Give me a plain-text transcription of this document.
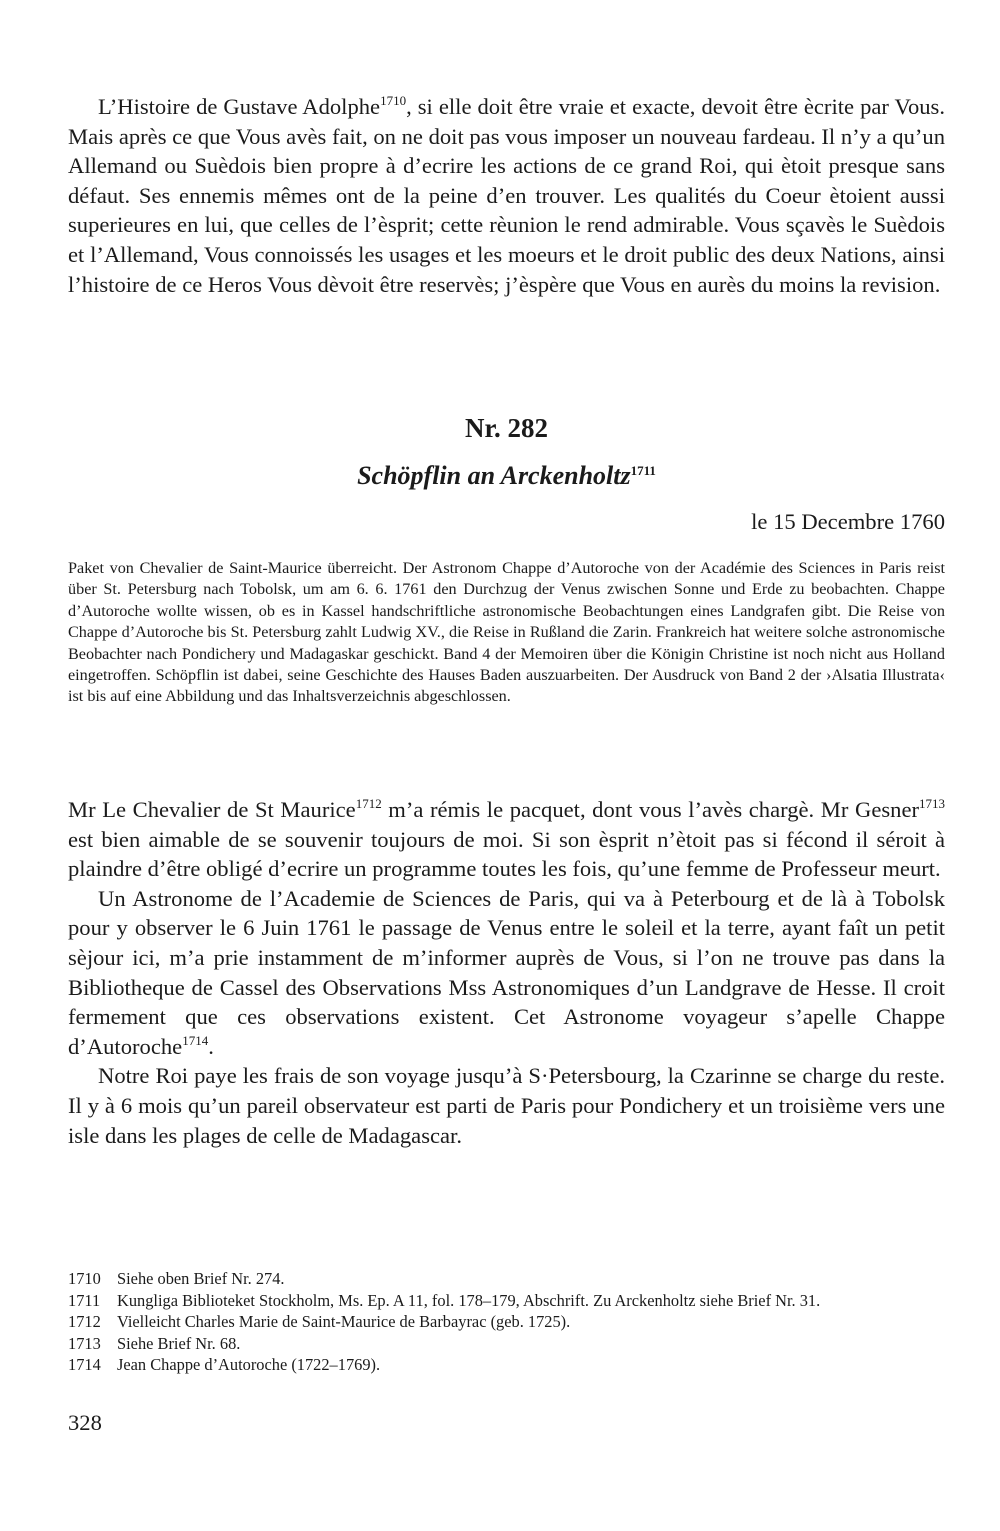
L’Histoire de Gustave Adolphe$^{1710}$, si elle doit être vraie et exacte, devoit être ècrite par Vous. Mais après ce que Vous avès fait, on ne doit pas vous imposer un nouveau fardeau. Il n’y a qu’un Allemand ou Suèdois bien propre à d’ecrire les actions de ce grand Roi, qui ètoit presque sans défaut. Ses ennemis mêmes ont de la peine d’en trouver. Les qualités du Coeur ètoient aussi superieures en lui, que celles de l’èsprit; cette rèunion le rend admirable. Vous sçavès le Suèdois et l’Allemand, Vous connoissés les usages et les moeurs et le droit public des deux Nations, ainsi l’histoire de ce Heros Vous dèvoit être reservès; j’èspère que Vous en aurès du moins la revision.

Nr. 282
Schöpflin an Arckenholtz$^{1711}$

le 15 Decembre 1760

Paket von Chevalier de Saint-Maurice überreicht. Der Astronom Chappe d’Autoroche von der Académie des Sciences in Paris reist über St. Petersburg nach Tobolsk, um am 6. 6. 1761 den Durchzug der Venus zwischen Sonne und Erde zu beobachten. Chappe d’Autoroche wollte wissen, ob es in Kassel handschriftliche astronomische Beobachtungen eines Landgrafen gibt. Die Reise von Chappe d’Autoroche bis St. Petersburg zahlt Ludwig XV., die Reise in Rußland die Zarin. Frankreich hat weitere solche astronomische Beobachter nach Pondichery und Madagaskar geschickt. Band 4 der Memoiren über die Königin Christine ist noch nicht aus Holland eingetroffen. Schöpflin ist dabei, seine Geschichte des Hauses Baden auszuarbeiten. Der Ausdruck von Band 2 der ›Alsatia Illustrata‹ ist bis auf eine Abbildung und das Inhaltsverzeichnis abgeschlossen.

Mr Le Chevalier de St Maurice$^{1712}$ m’a rémis le pacquet, dont vous l’avès chargè. Mr Gesner$^{1713}$ est bien aimable de se souvenir toujours de moi. Si son èsprit n’ètoit pas si fécond il séroit à plaindre d’être obligé d’ecrire un programme toutes les fois, qu’une femme de Professeur meurt.

Un Astronome de l’Academie de Sciences de Paris, qui va à Peterbourg et de là à Tobolsk pour y observer le 6 Juin 1761 le passage de Venus entre le soleil et la terre, ayant faît un petit sèjour ici, m’a prie instamment de m’informer auprès de Vous, si l’on ne trouve pas dans la Bibliotheque de Cassel des Observations Mss Astronomiques d’un Landgrave de Hesse. Il croit fermement que ces observations existent. Cet Astronome voyageur s’apelle Chappe d’Autoroche$^{1714}$.

Notre Roi paye les frais de son voyage jusqu’à S·Petersbourg, la Czarinne se charge du reste. Il y à 6 mois qu’un pareil observateur est parti de Paris pour Pondichery et un troisième vers une isle dans les plages de celle de Madagascar.

1710 Siehe oben Brief Nr. 274.
1711	Kungliga Biblioteket Stockholm, Ms. Ep. A 11, fol. 178–179, Abschrift. Zu Arckenholtz siehe Brief Nr. 31.
1712 Vielleicht Charles Marie de Saint-Maurice de Barbayrac (geb. 1725).
1713 Siehe Brief Nr. 68.
1714 Jean Chappe d’Autoroche (1722–1769).

328
